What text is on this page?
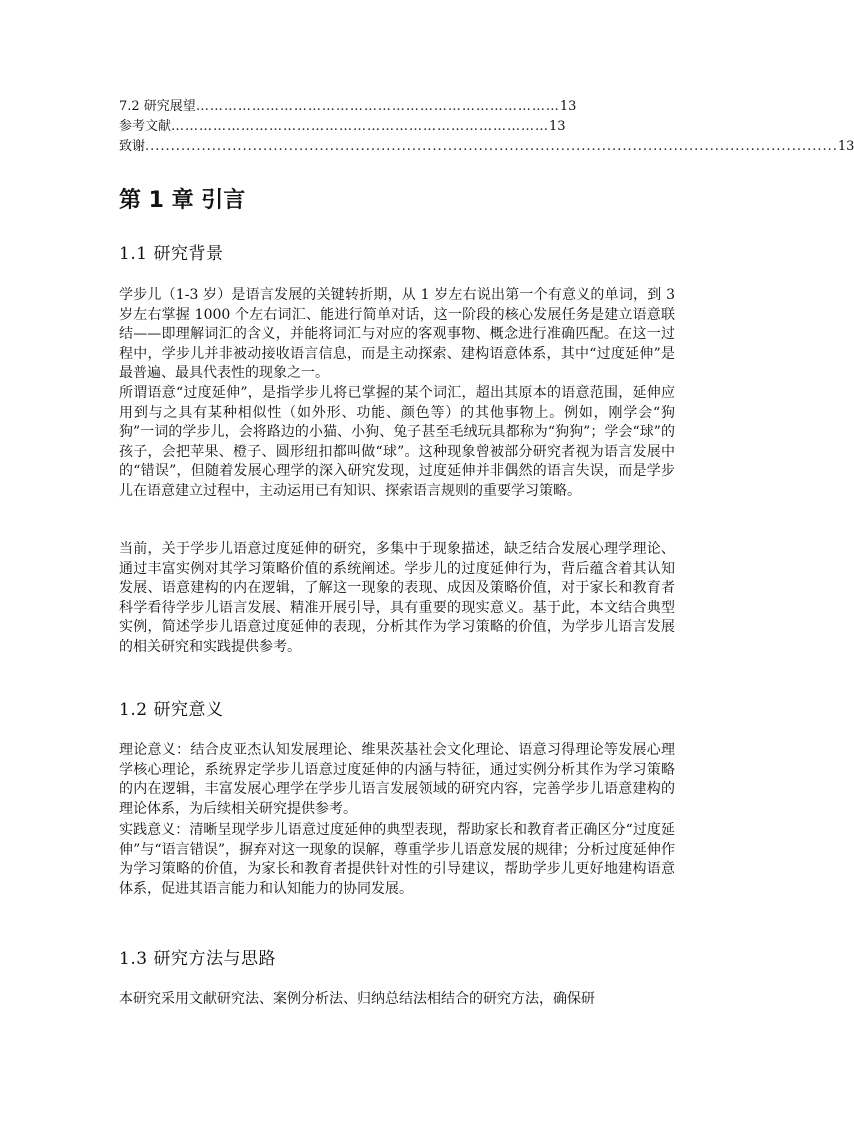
7.2 研究展望 …………………………………………………………………… 13
参考文献 ……………………………………………………………………… 13
致谢 ....................................................................................................................................... 13
第 1 章 引言
1.1 研究背景

学步儿（1-3 岁）是语言发展的关键转折期，从 1 岁左右说出第一个有意义的单词，到 3 岁左右掌握 1000 个左右词汇、能进行简单对话，这一阶段的核心发展任务是建立语意联结——即理解词汇的含义，并能将词汇与对应的客观事物、概念进行准确匹配。在这一过程中，学步儿并非被动接收语言信息，而是主动探索、建构语意体系，其中“过度延伸”是最普遍、最具代表性的现象之一。

所谓语意“过度延伸”，是指学步儿将已掌握的某个词汇，超出其原本的语意范围，延伸应用到与之具有某种相似性（如外形、功能、颜色等）的其他事物上。例如，刚学会“狗狗”一词的学步儿，会将路边的小猫、小狗、兔子甚至毛绒玩具都称为“狗狗”；学会“球”的孩子，会把苹果、橙子、圆形纽扣都叫做“球”。这种现象曾被部分研究者视为语言发展中的“错误”，但随着发展心理学的深入研究发现，过度延伸并非偶然的语言失误，而是学步儿在语意建立过程中，主动运用已有知识、探索语言规则的重要学习策略。

当前，关于学步儿语意过度延伸的研究，多集中于现象描述，缺乏结合发展心理学理论、通过丰富实例对其学习策略价值的系统阐述。学步儿的过度延伸行为，背后蕴含着其认知发展、语意建构的内在逻辑，了解这一现象的表现、成因及策略价值，对于家长和教育者科学看待学步儿语言发展、精准开展引导，具有重要的现实意义。基于此，本文结合典型实例，简述学步儿语意过度延伸的表现，分析其作为学习策略的价值，为学步儿语言发展的相关研究和实践提供参考。

1.2 研究意义

理论意义：结合皮亚杰认知发展理论、维果茨基社会文化理论、语意习得理论等发展心理学核心理论，系统界定学步儿语意过度延伸的内涵与特征，通过实例分析其作为学习策略的内在逻辑，丰富发展心理学在学步儿语言发展领域的研究内容，完善学步儿语意建构的理论体系，为后续相关研究提供参考。

实践意义：清晰呈现学步儿语意过度延伸的典型表现，帮助家长和教育者正确区分“过度延伸”与“语言错误”，摒弃对这一现象的误解，尊重学步儿语意发展的规律；分析过度延伸作为学习策略的价值，为家长和教育者提供针对性的引导建议，帮助学步儿更好地建构语意体系，促进其语言能力和认知能力的协同发展。

1.3 研究方法与思路

本研究采用文献研究法、案例分析法、归纳总结法相结合的研究方法，确保研
